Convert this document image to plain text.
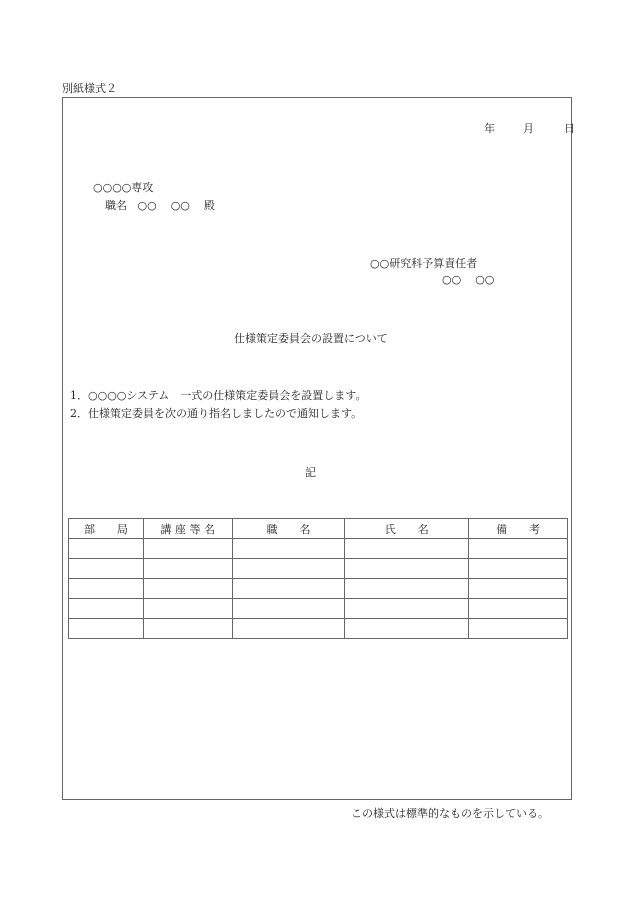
別紙様式２
年	月	日
○○○○専攻
職名 ○○ ○○ 殿
○○研究科予算責任者
○○ ○○
仕様策定委員会の設置について
1．○○○○システム　一式の仕様策定委員会を設置します。
2．仕様策定委員を次の通り指名しましたので通知します。
記
部　　局	講 座 等 名	職　　名	氏　　名	備　　考

この様式は標準的なものを示している。
